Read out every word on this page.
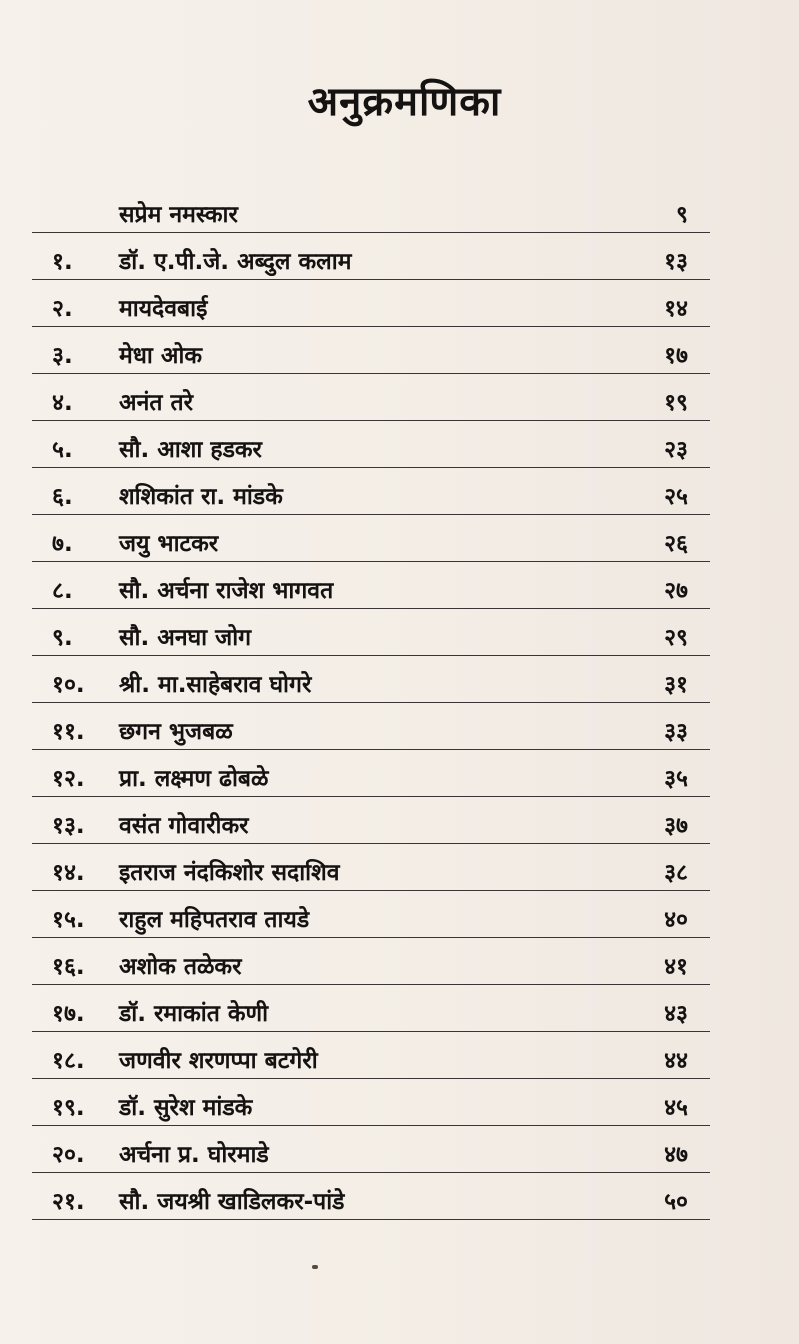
अनुक्रमणिका
सप्रेम नमस्कार	९
१. डॉ. ए.पी.जे. अब्दुल कलाम	१३
२. मायदेवबाई	१४
३. मेधा ओक	१७
४. अनंत तरे	१९
५. सौ. आशा हडकर	२३
६. शशिकांत रा. मांडके	२५
७. जयु भाटकर	२६
८. सौ. अर्चना राजेश भागवत	२७
९. सौ. अनघा जोग	२९
१०. श्री. मा.साहेबराव घोगरे	३१
११. छगन भुजबळ	३३
१२. प्रा. लक्ष्मण ढोबळे	३५
१३. वसंत गोवारीकर	३७
१४. इतराज नंदकिशोर सदाशिव	३८
१५. राहुल महिपतराव तायडे	४०
१६. अशोक तळेकर	४१
१७. डॉ. रमाकांत केणी	४३
१८. जणवीर शरणप्पा बटगेरी	४४
१९. डॉ. सुरेश मांडके	४५
२०. अर्चना प्र. घोरमाडे	४७
२१. सौ. जयश्री खाडिलकर-पांडे	५०
